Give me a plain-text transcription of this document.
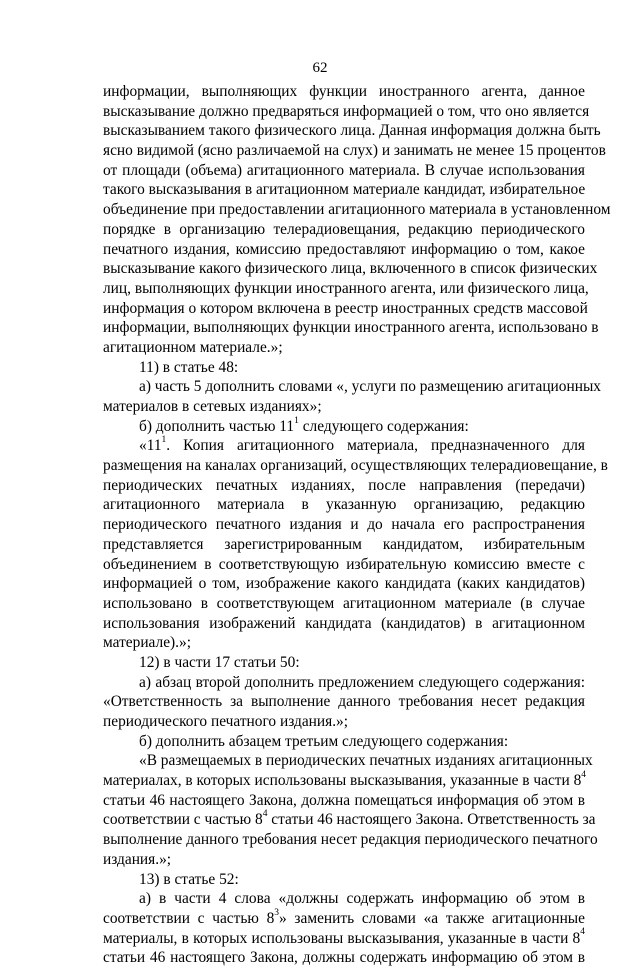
62
информации, выполняющих функции иностранного агента, данное
высказывание должно предваряться информацией о том, что оно является
высказыванием такого физического лица. Данная информация должна быть
ясно видимой (ясно различаемой на слух) и занимать не менее 15 процентов
от площади (объема) агитационного материала. В случае использования
такого высказывания в агитационном материале кандидат, избирательное
объединение при предоставлении агитационного материала в установленном
порядке в организацию телерадиовещания, редакцию периодического
печатного издания, комиссию предоставляют информацию о том, какое
высказывание какого физического лица, включенного в список физических
лиц, выполняющих функции иностранного агента, или физического лица,
информация о котором включена в реестр иностранных средств массовой
информации, выполняющих функции иностранного агента, использовано в
агитационном материале.»;
11) в статье 48:
а) часть 5 дополнить словами «, услуги по размещению агитационных
материалов в сетевых изданиях»;
б) дополнить частью $11^1$ следующего содержания:
«$11^1$. Копия агитационного материала, предназначенного для
размещения на каналах организаций, осуществляющих телерадиовещание, в
периодических печатных изданиях, после направления (передачи)
агитационного материала в указанную организацию, редакцию
периодического печатного издания и до начала его распространения
представляется зарегистрированным кандидатом, избирательным
объединением в соответствующую избирательную комиссию вместе с
информацией о том, изображение какого кандидата (каких кандидатов)
использовано в соответствующем агитационном материале (в случае
использования изображений кандидата (кандидатов) в агитационном
материале).»;
12) в части 17 статьи 50:
а) абзац второй дополнить предложением следующего содержания:
«Ответственность за выполнение данного требования несет редакция
периодического печатного издания.»;
б) дополнить абзацем третьим следующего содержания:
«В размещаемых в периодических печатных изданиях агитационных
материалах, в которых использованы высказывания, указанные в части $8^4$
статьи 46 настоящего Закона, должна помещаться информация об этом в
соответствии с частью $8^4$ статьи 46 настоящего Закона. Ответственность за
выполнение данного требования несет редакция периодического печатного
издания.»;
13) в статье 52:
а) в части 4 слова «должны содержать информацию об этом в
соответствии с частью $8^3$» заменить словами «а также агитационные
материалы, в которых использованы высказывания, указанные в части $8^4$
статьи 46 настоящего Закона, должны содержать информацию об этом в
